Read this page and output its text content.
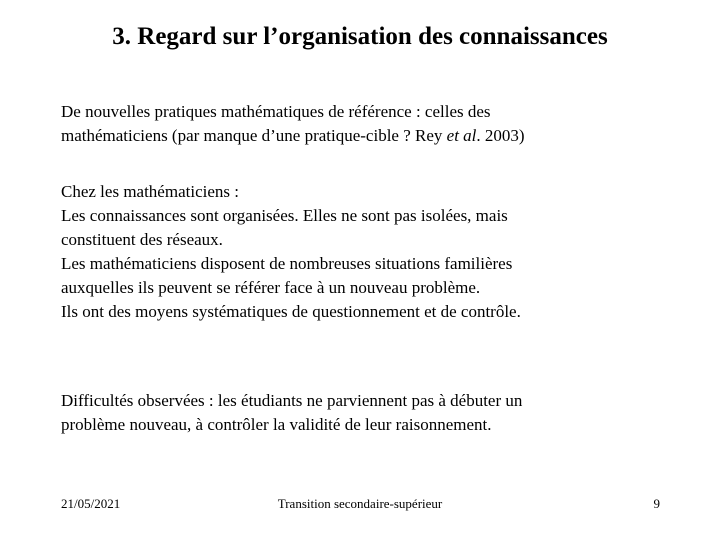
3. Regard sur l’organisation des connaissances
De nouvelles pratiques mathématiques de référence : celles des
mathématiciens (par manque d’une pratique-cible ? Rey et al. 2003)
Chez les mathématiciens :
Les connaissances sont organisées. Elles ne sont pas isolées, mais
constituent des réseaux.
Les mathématiciens disposent de nombreuses situations familières
auxquelles ils peuvent se référer face à un nouveau problème.
Ils ont des moyens systématiques de questionnement et de contrôle.
Difficultés observées : les étudiants ne parviennent pas à débuter un
problème nouveau, à contrôler la validité de leur raisonnement.
21/05/2021	Transition secondaire-supérieur	9
